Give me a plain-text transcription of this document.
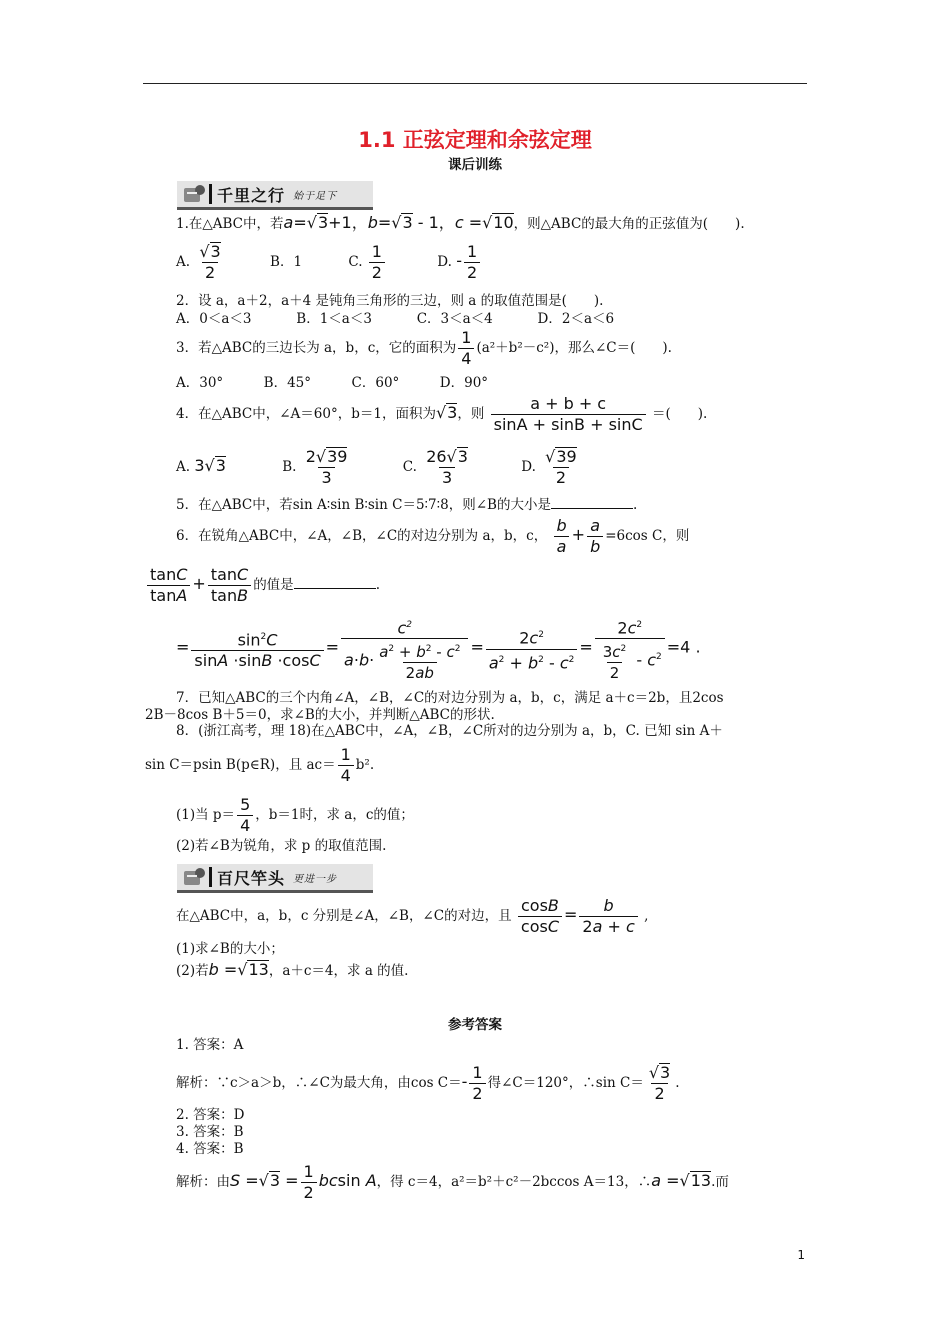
1.1 正弦定理和余弦定理
课后训练
千里之行 始于足下
1.在△ABC中，若a=√3+1，b=√3 - 1，c =√10，则△ABC的最大角的正弦值为(　　).
A. $\frac{√3}{2}$	B．1	C. $\frac{1}{2}$	D. - $\frac{1}{2}$
2．设 a，a＋2，a＋4 是钝角三角形的三边，则 a 的取值范围是(　　).
A．0＜a＜3　　　 B．1＜a＜3　　　 C．3＜a＜4　　　 D．2＜a＜6
3．若△ABC的三边长为 a，b，c，它的面积为 $\frac{1}{4} (a^2+b^2-c^2)$，那么∠C＝(　　).
A．30°　　　B．45°　　　C．60°　　　D．90°
4．在△ABC中，∠A＝60°，b＝1，面积为√3，则 $\frac{a + b + c}{\sin A + \sin B + \sin C}$ ＝(　　).
A. 3√3	B. $\frac{2√39}{3}$	C. $\frac{26√3}{3}$	D. $\frac{√39}{2}$
5．在△ABC中，若sin A∶sin B∶sin C＝5∶7∶8，则∠B的大小是	.
6．在锐角△ABC中，∠A，∠B，∠C的对边分别为 a，b，c， $\frac{b}{a} + \frac{a}{b} =6\cos$ C，则
$\frac{\tan C}{\tan A} + \frac{\tan C}{\tan B}$ 的值是	.
= $\frac{\sin^2C}{\sin A \cdot\sin B \cdot\cos C} = \frac{c^2}{a\cdot b\cdot \frac{a^2 + b^2 - c^2}{2ab}} = \frac{2c^2}{a^2 + b^2 - c^2} = \frac{2c^2}{\frac{3c^2}{2} - c^2} =4$ .
7．已知△ABC的三个内角∠A，∠B，∠C的对边分别为 a，b，c，满足 a＋c＝2b，且2cos
2B－8cos B＋5＝0，求∠B的大小，并判断△ABC的形状.
8．(浙江高考，理 18)在△ABC中，∠A，∠B，∠C所对的边分别为 a，b，C. 已知 sin A＋
sin C＝psin B(p∈R)，且 $ac= \frac{1}{4} b^2$.
(1)当 $p= \frac{5}{4}$ ，b＝1时，求 a，c的值；
(2)若∠B为锐角，求 p 的取值范围.
百尺竿头 更进一步
在△ABC中，a，b，c 分别是∠A，∠B，∠C的对边，且 $\frac{\cos B}{\cos C} = \frac{b}{2a + c}$ ,
(1)求∠B的大小；
(2)若b =√13，a＋c＝4，求 a 的值.
参考答案
1. 答案：A
解析：∵c＞a＞b，∴∠C为最大角，由$\cos C=- \frac{1}{2}$ 得∠C＝120°，∴sin $C= \frac{√3}{2}$ .
2. 答案：D
3. 答案：B
4. 答案：B
解析：由$S =√3 = \frac{1}{2}$ bcsin A，得 c＝4，a²＝b²＋c²－2bccos A＝13，∴a =√13.而
1
